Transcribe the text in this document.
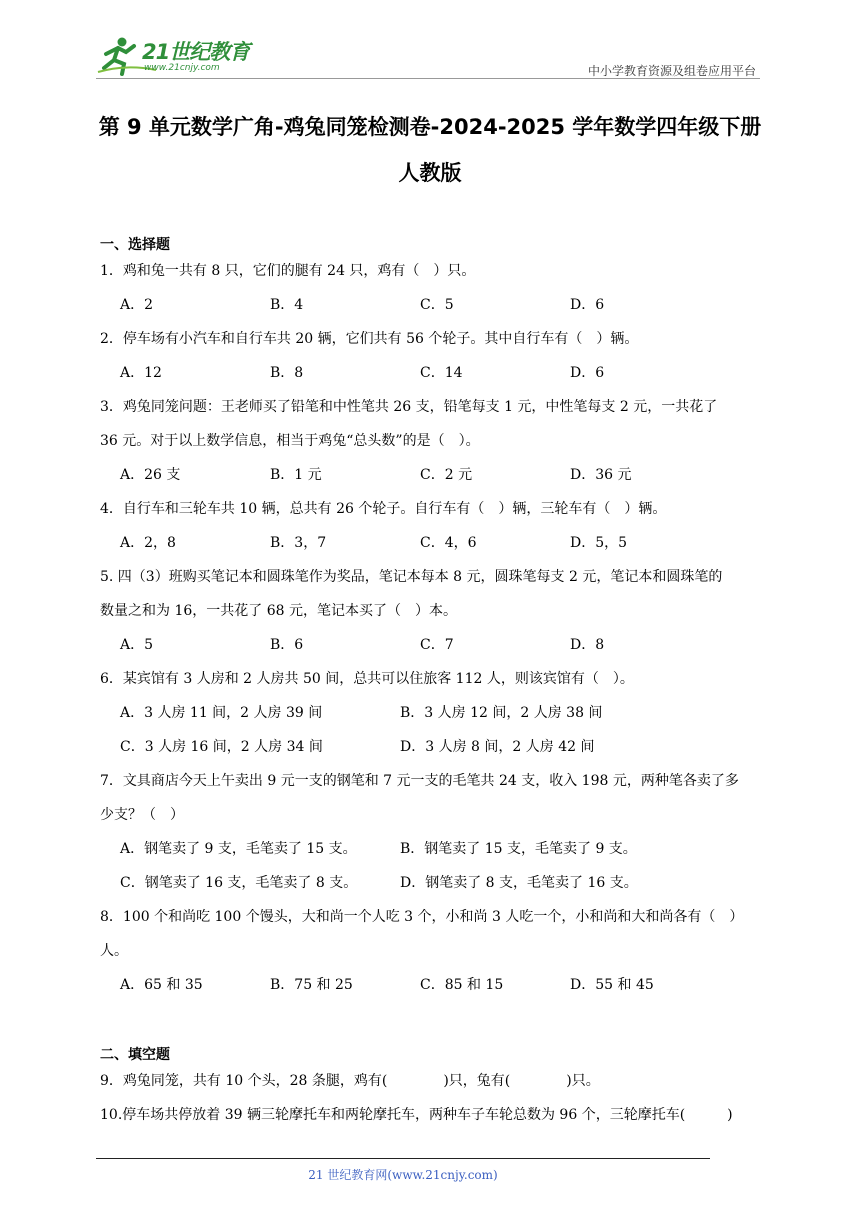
21世纪教育
www.21cnjy.com	中小学教育资源及组卷应用平台
第 9 单元数学广角-鸡兔同笼检测卷-2024-2025 学年数学四年级下册
人教版
一、选择题
1．鸡和兔一共有 8 只，它们的腿有 24 只，鸡有（　）只。
A．2	B．4	C．5	D．6
2．停车场有小汽车和自行车共 20 辆，它们共有 56 个轮子。其中自行车有（　）辆。
A．12	B．8	C．14	D．6
3．鸡兔同笼问题：王老师买了铅笔和中性笔共 26 支，铅笔每支 1 元，中性笔每支 2 元，一共花了
36 元。对于以上数学信息，相当于鸡兔“总头数”的是（　）。
A．26 支	B．1 元	C．2 元	D．36 元
4．自行车和三轮车共 10 辆，总共有 26 个轮子。自行车有（　）辆，三轮车有（　）辆。
A．2，8	B．3，7	C．4，6	D．5，5
5. 四（3）班购买笔记本和圆珠笔作为奖品，笔记本每本 8 元，圆珠笔每支 2 元，笔记本和圆珠笔的
数量之和为 16，一共花了 68 元，笔记本买了（　）本。
A．5	B．6	C．7	D．8
6．某宾馆有 3 人房和 2 人房共 50 间，总共可以住旅客 112 人，则该宾馆有（　）。
A．3 人房 11 间，2 人房 39 间	B．3 人房 12 间，2 人房 38 间
C．3 人房 16 间，2 人房 34 间	D．3 人房 8 间，2 人房 42 间
7．文具商店今天上午卖出 9 元一支的钢笔和 7 元一支的毛笔共 24 支，收入 198 元，两种笔各卖了多
少支？（　）
A．钢笔卖了 9 支，毛笔卖了 15 支。	B．钢笔卖了 15 支，毛笔卖了 9 支。
C．钢笔卖了 16 支，毛笔卖了 8 支。	D．钢笔卖了 8 支，毛笔卖了 16 支。
8．100 个和尚吃 100 个馒头，大和尚一个人吃 3 个，小和尚 3 人吃一个，小和尚和大和尚各有（　）
人。
A．65 和 35	B．75 和 25	C．85 和 15	D．55 和 45
二、填空题
9．鸡兔同笼，共有 10 个头，28 条腿，鸡有(　　　　)只，兔有(　　　　)只。
10.停车场共停放着 39 辆三轮摩托车和两轮摩托车，两种车子车轮总数为 96 个，三轮摩托车(　　　)
21 世纪教育网(www.21cnjy.com)
